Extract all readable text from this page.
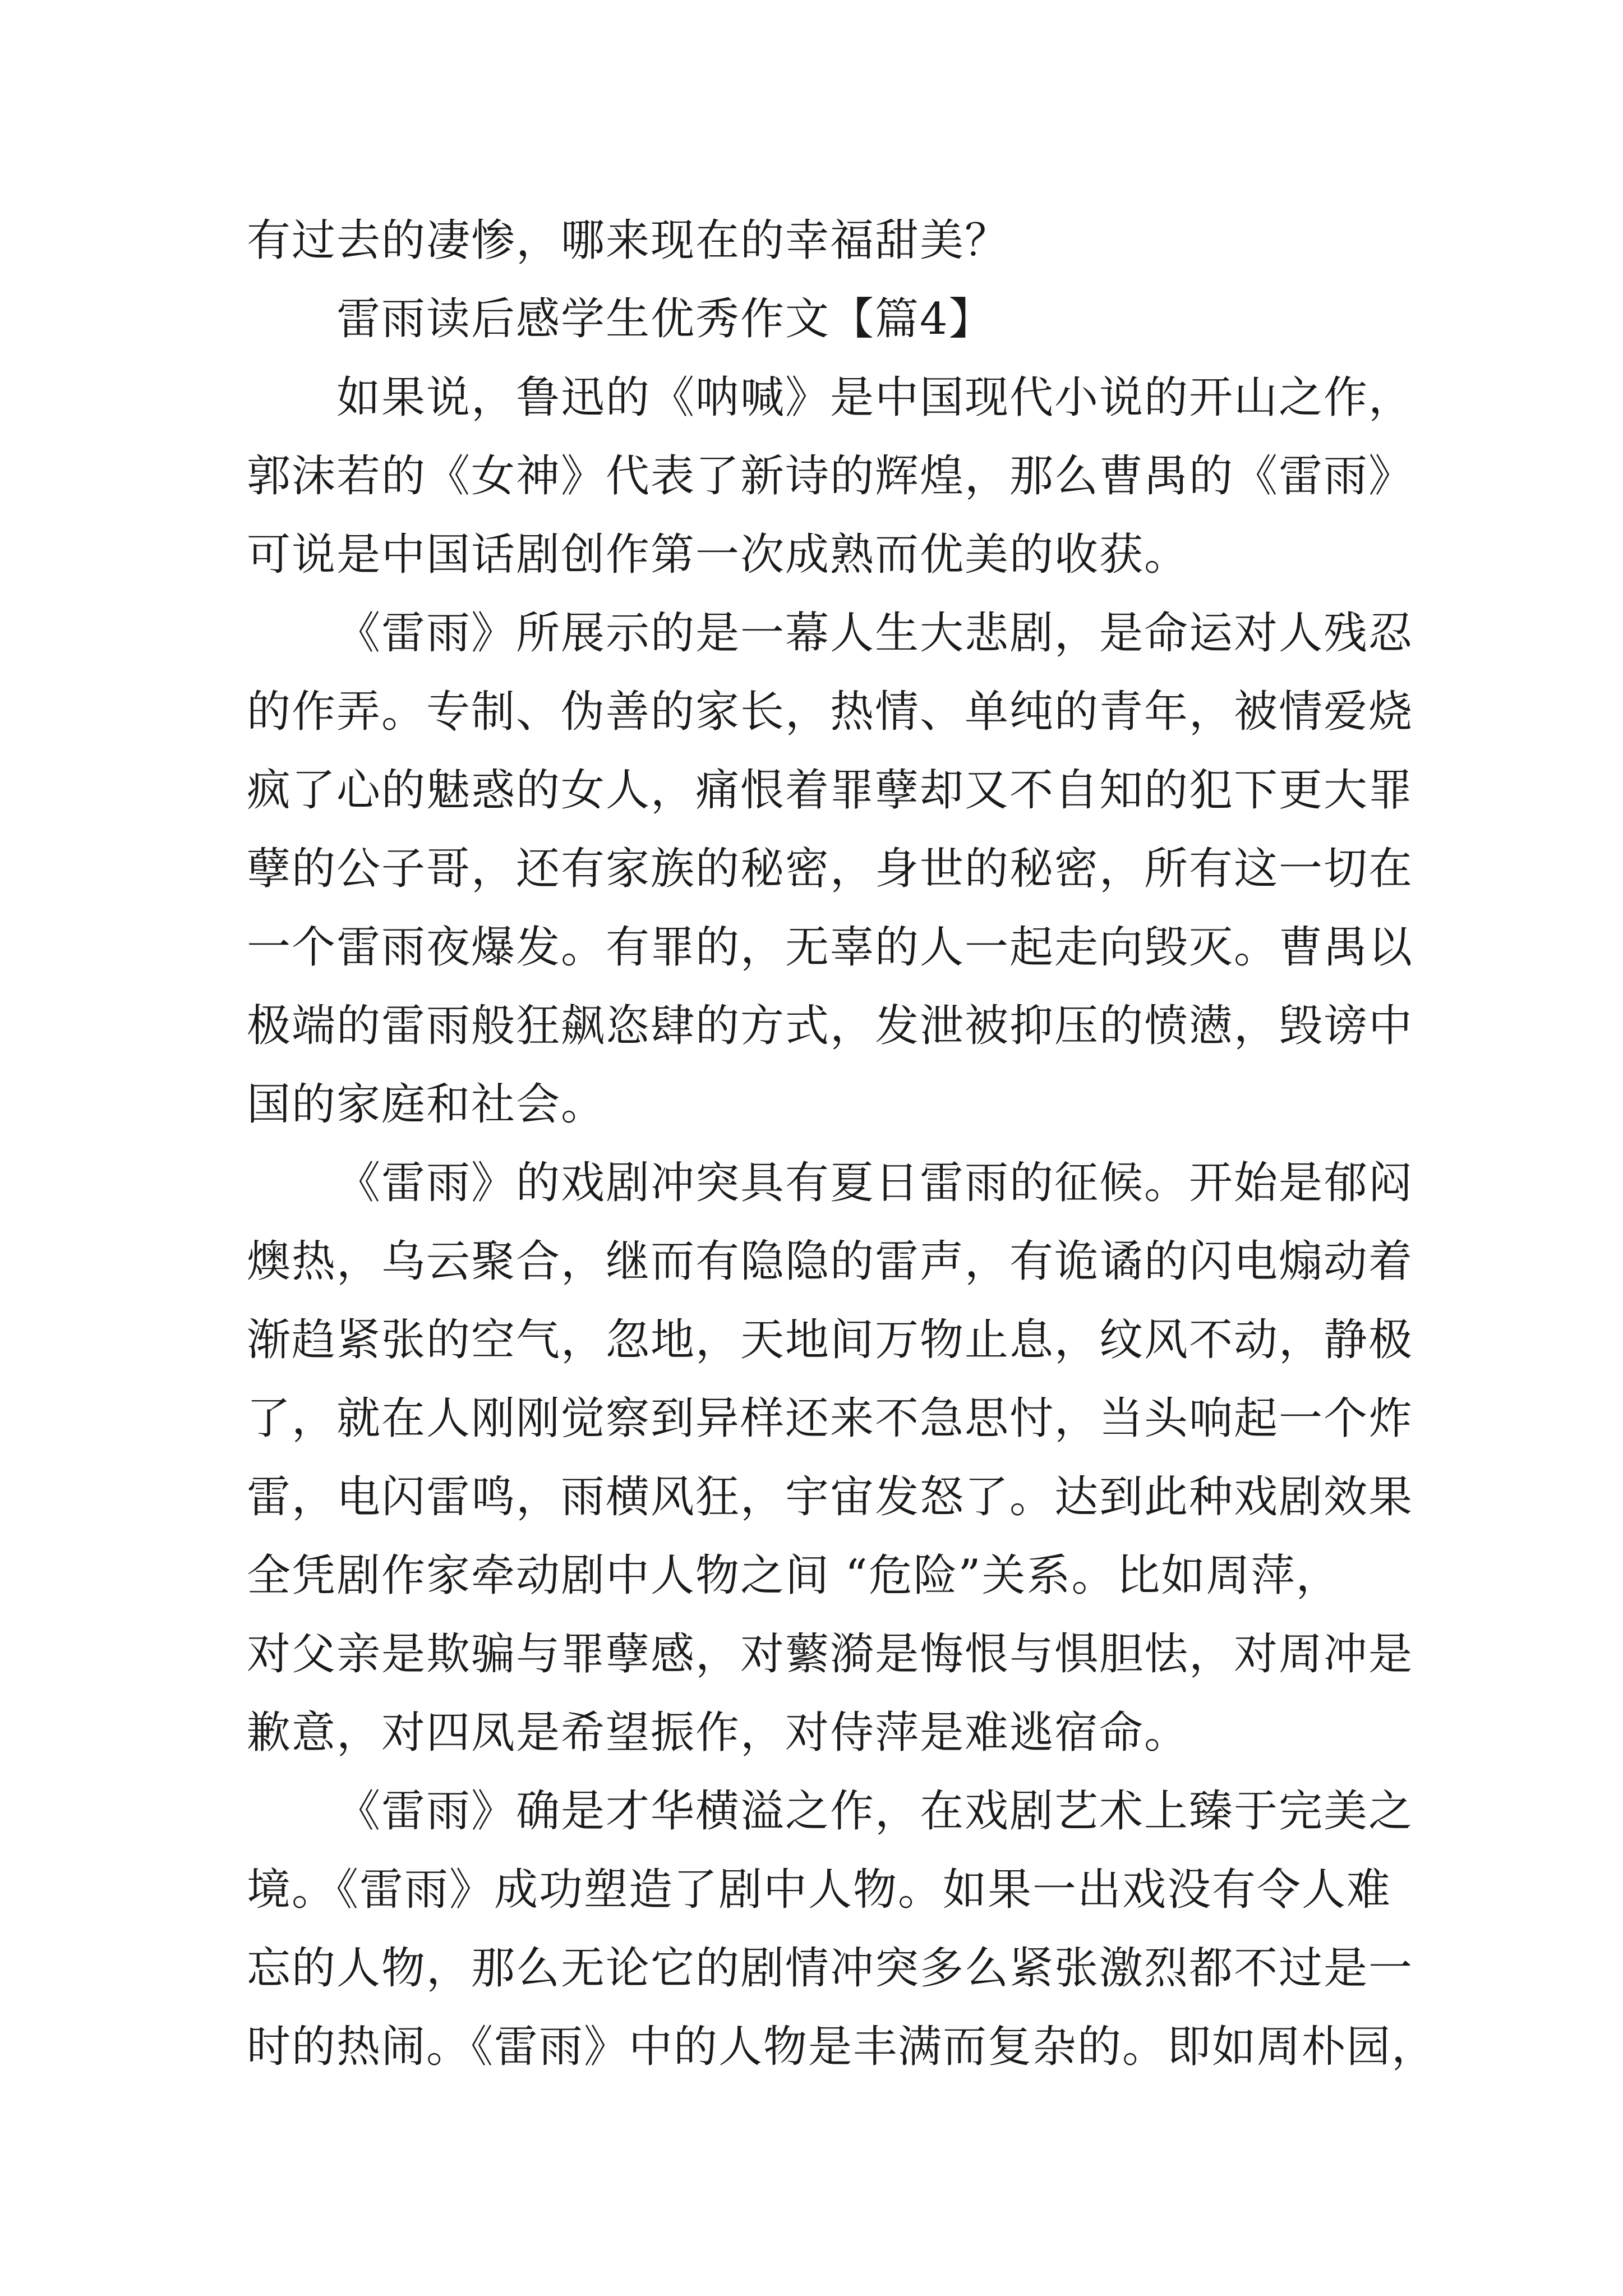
有过去的凄惨，哪来现在的幸福甜美？
雷雨读后感学生优秀作文【篇4】
如果说，鲁迅的《呐喊》是中国现代小说的开山之作，
郭沫若的《女神》代表了新诗的辉煌，那么曹禺的《雷雨》
可说是中国话剧创作第一次成熟而优美的收获。
《雷雨》所展示的是一幕人生大悲剧，是命运对人残忍
的作弄。专制、伪善的家长，热情、单纯的青年，被情爱烧
疯了心的魅惑的女人，痛恨着罪孽却又不自知的犯下更大罪
孽的公子哥，还有家族的秘密，身世的秘密，所有这一切在
一个雷雨夜爆发。有罪的，无辜的人一起走向毁灭。曹禺以
极端的雷雨般狂飙恣肆的方式，发泄被抑压的愤懑，毁谤中
国的家庭和社会。
《雷雨》的戏剧冲突具有夏日雷雨的征候。开始是郁闷
燠热，乌云聚合，继而有隐隐的雷声，有诡谲的闪电煽动着
渐趋紧张的空气，忽地，天地间万物止息，纹风不动，静极
了，就在人刚刚觉察到异样还来不急思忖，当头响起一个炸
雷，电闪雷鸣，雨横风狂，宇宙发怒了。达到此种戏剧效果
全凭剧作家牵动剧中人物之间 “危险”关系。比如周萍，
对父亲是欺骗与罪孽感，对蘩漪是悔恨与惧胆怯，对周冲是
歉意，对四凤是希望振作，对侍萍是难逃宿命。
《雷雨》确是才华横溢之作，在戏剧艺术上臻于完美之
境。《雷雨》成功塑造了剧中人物。如果一出戏没有令人难
忘的人物，那么无论它的剧情冲突多么紧张激烈都不过是一
时的热闹。《雷雨》中的人物是丰满而复杂的。即如周朴园，
